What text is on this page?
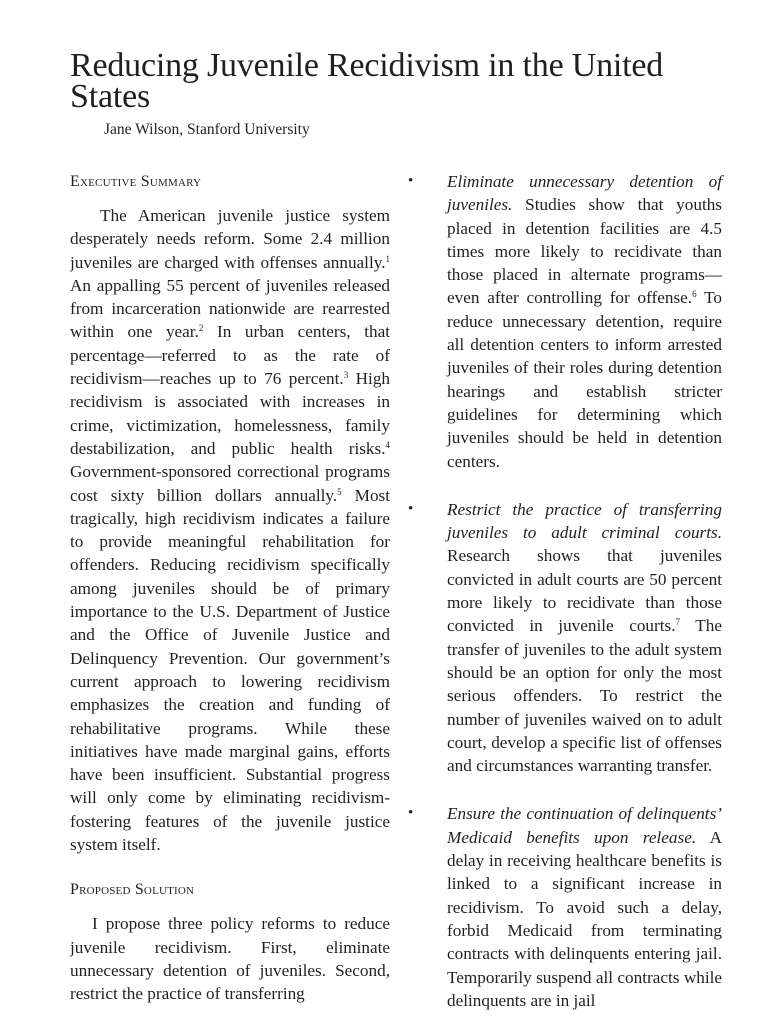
Reducing Juvenile Recidivism in the United States
Jane Wilson, Stanford University
Executive Summary

The American juvenile justice system desperately needs reform. Some 2.4 million juveniles are charged with offenses annually.$^1$ An appalling 55 percent of juveniles released from incarceration nationwide are rearrested within one year.$^2$ In urban centers, that percentage—referred to as the rate of recidivism—reaches up to 76 percent.$^3$ High recidivism is associated with increases in crime, victimization, homelessness, family destabilization, and public health risks.$^4$ Government-sponsored correctional programs cost sixty billion dollars annually.$^5$ Most tragically, high recidivism indicates a failure to provide meaningful rehabilitation for offenders. Reducing recidivism specifically among juveniles should be of primary importance to the U.S. Department of Justice and the Office of Juvenile Justice and Delinquency Prevention. Our government’s current approach to lowering recidivism emphasizes the creation and funding of rehabilitative programs. While these initiatives have made marginal gains, efforts have been insufficient. Substantial progress will only come by eliminating recidivism-fostering features of the juvenile justice system itself.

Proposed Solution

I propose three policy reforms to reduce juvenile recidivism. First, eliminate unnecessary detention of juveniles. Second, restrict the practice of transferring

• Eliminate unnecessary detention of juveniles. Studies show that youths placed in detention facilities are 4.5 times more likely to recidivate than those placed in alternate programs—even after controlling for offense.$^6$ To reduce unnecessary detention, require all detention centers to inform arrested juveniles of their roles during detention hearings and establish stricter guidelines for determining which juveniles should be held in detention centers.

• Restrict the practice of transferring juveniles to adult criminal courts. Research shows that juveniles convicted in adult courts are 50 percent more likely to recidivate than those convicted in juvenile courts.$^7$ The transfer of juveniles to the adult system should be an option for only the most serious offenders. To restrict the number of juveniles waived on to adult court, develop a specific list of offenses and circumstances warranting transfer.

• Ensure the continuation of delinquents’ Medicaid benefits upon release. A delay in receiving healthcare benefits is linked to a significant increase in recidivism. To avoid such a delay, forbid Medicaid from terminating contracts with delinquents entering jail. Temporarily suspend all contracts while delinquents are in jail
